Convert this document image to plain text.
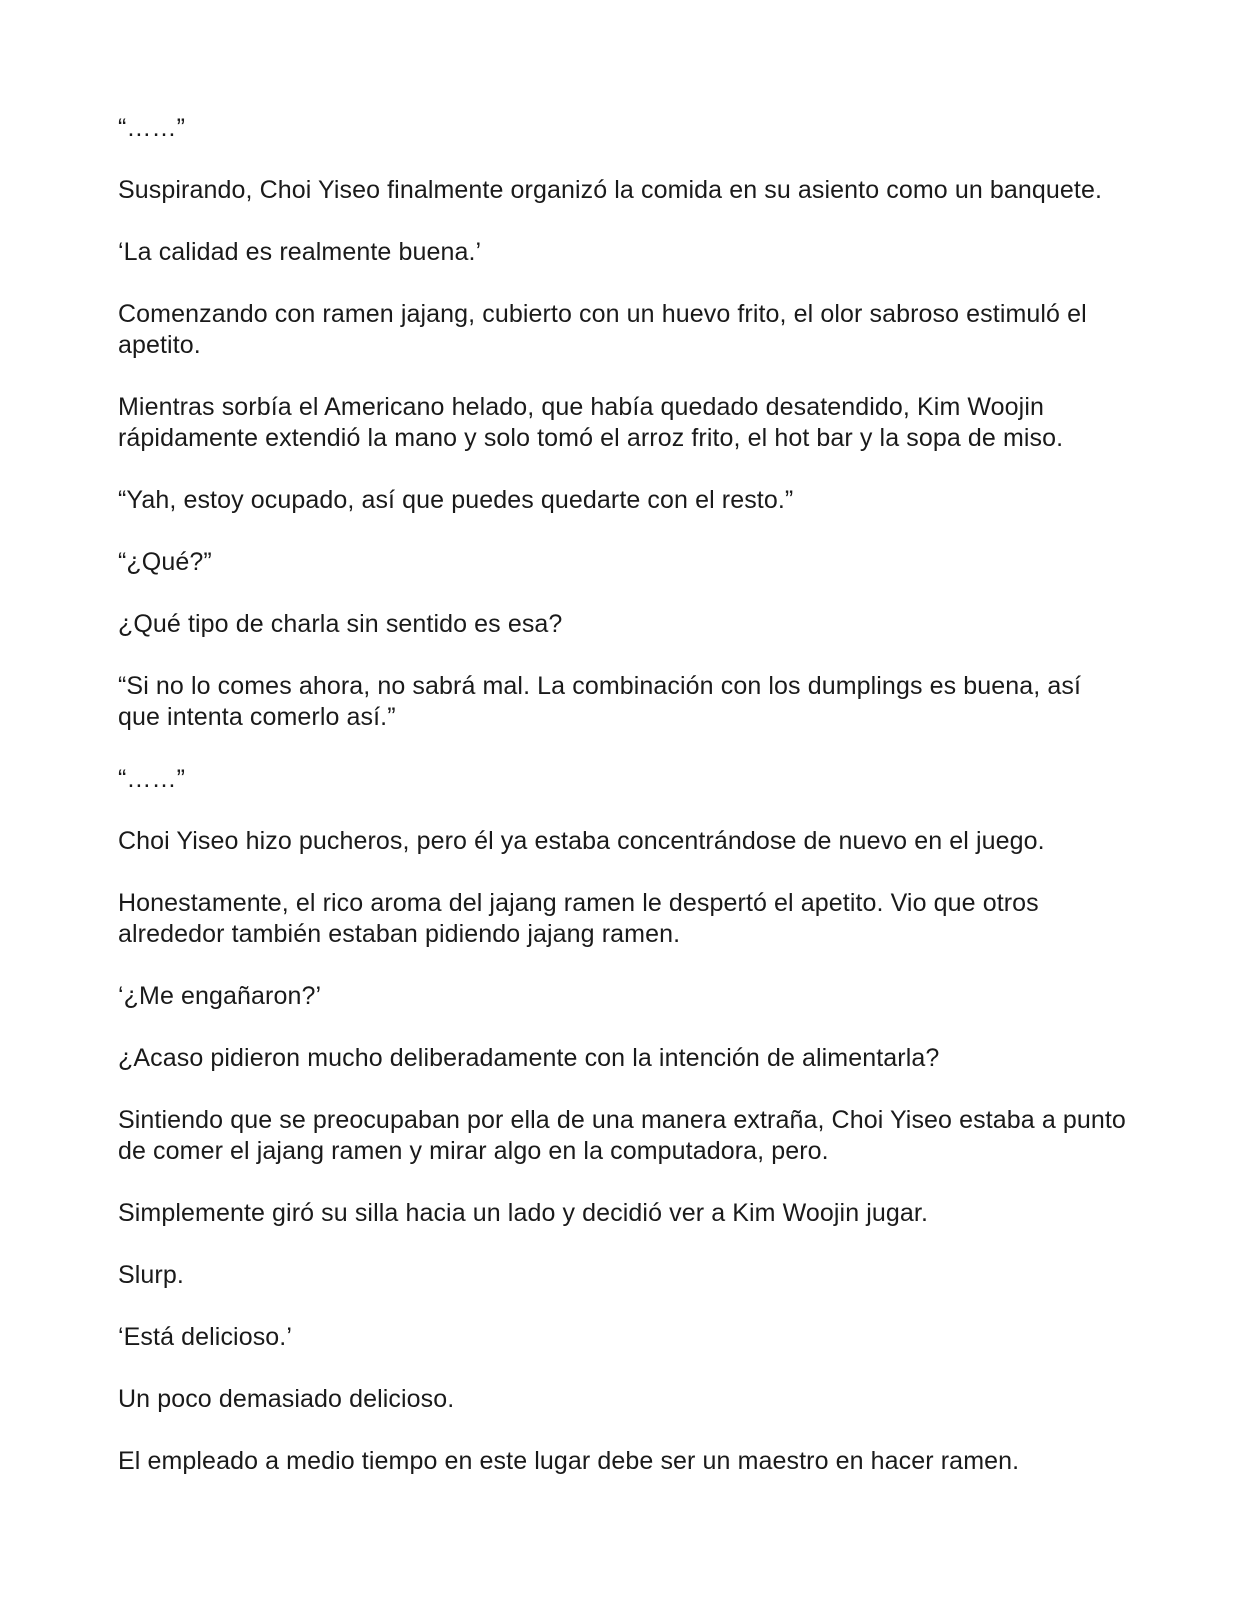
“……”

Suspirando, Choi Yiseo finalmente organizó la comida en su asiento como un banquete.

‘La calidad es realmente buena.’

Comenzando con ramen jajang, cubierto con un huevo frito, el olor sabroso estimuló el apetito.

Mientras sorbía el Americano helado, que había quedado desatendido, Kim Woojin rápidamente extendió la mano y solo tomó el arroz frito, el hot bar y la sopa de miso.

“Yah, estoy ocupado, así que puedes quedarte con el resto.”

“¿Qué?”

¿Qué tipo de charla sin sentido es esa?

“Si no lo comes ahora, no sabrá mal. La combinación con los dumplings es buena, así que intenta comerlo así.”

“……”

Choi Yiseo hizo pucheros, pero él ya estaba concentrándose de nuevo en el juego.

Honestamente, el rico aroma del jajang ramen le despertó el apetito. Vio que otros alrededor también estaban pidiendo jajang ramen.

‘¿Me engañaron?’

¿Acaso pidieron mucho deliberadamente con la intención de alimentarla?

Sintiendo que se preocupaban por ella de una manera extraña, Choi Yiseo estaba a punto de comer el jajang ramen y mirar algo en la computadora, pero.

Simplemente giró su silla hacia un lado y decidió ver a Kim Woojin jugar.

Slurp.

‘Está delicioso.’

Un poco demasiado delicioso.

El empleado a medio tiempo en este lugar debe ser un maestro en hacer ramen.
